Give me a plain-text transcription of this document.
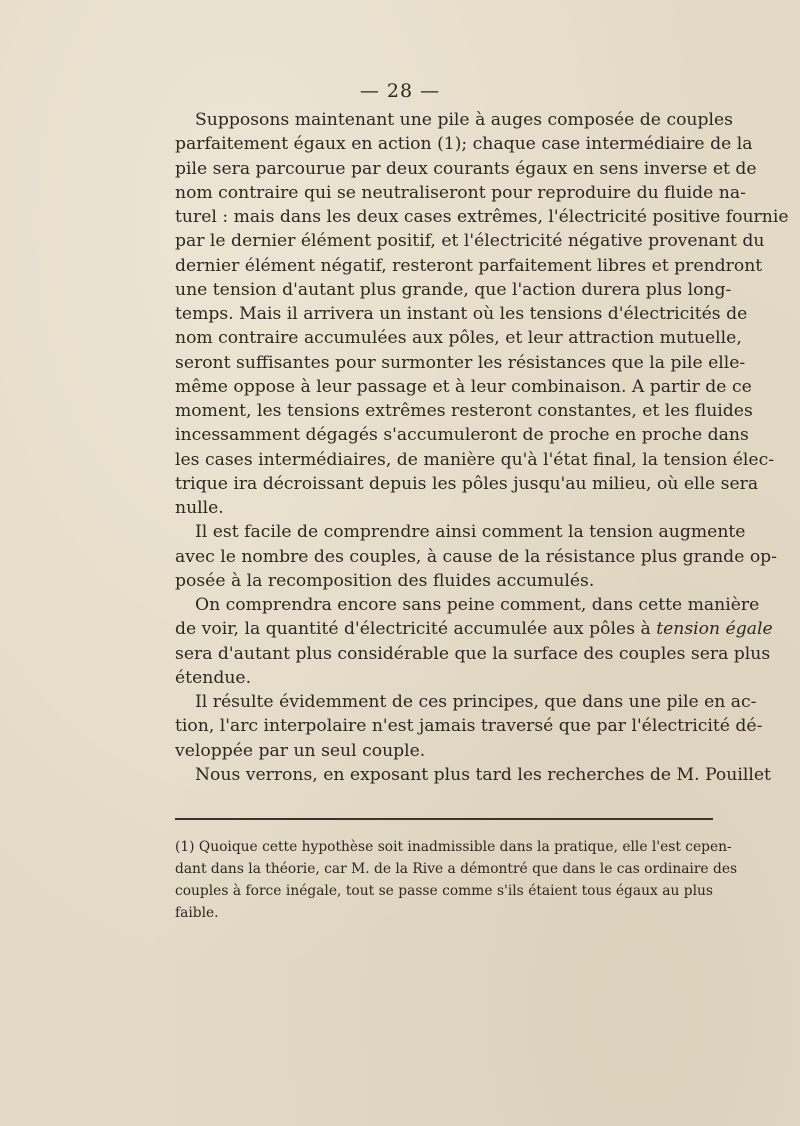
— 28 —
Supposons maintenant une pile à auges composée de couples
parfaitement égaux en action (1); chaque case intermédiaire de la
pile sera parcourue par deux courants égaux en sens inverse et de
nom contraire qui se neutraliseront pour reproduire du fluide na-
turel : mais dans les deux cases extrêmes, l'électricité positive fournie
par le dernier élément positif, et l'électricité négative provenant du
dernier élément négatif, resteront parfaitement libres et prendront
une tension d'autant plus grande, que l'action durera plus long-
temps. Mais il arrivera un instant où les tensions d'électricités de
nom contraire accumulées aux pôles, et leur attraction mutuelle,
seront suffisantes pour surmonter les résistances que la pile elle-
même oppose à leur passage et à leur combinaison. A partir de ce
moment, les tensions extrêmes resteront constantes, et les fluides
incessamment dégagés s'accumuleront de proche en proche dans
les cases intermédiaires, de manière qu'à l'état final, la tension élec-
trique ira décroissant depuis les pôles jusqu'au milieu, où elle sera
nulle.
Il est facile de comprendre ainsi comment la tension augmente
avec le nombre des couples, à cause de la résistance plus grande op-
posée à la recomposition des fluides accumulés.
On comprendra encore sans peine comment, dans cette manière
de voir, la quantité d'électricité accumulée aux pôles à tension égale
sera d'autant plus considérable que la surface des couples sera plus
étendue.
Il résulte évidemment de ces principes, que dans une pile en ac-
tion, l'arc interpolaire n'est jamais traversé que par l'électricité dé-
veloppée par un seul couple.
Nous verrons, en exposant plus tard les recherches de M. Pouillet
(1) Quoique cette hypothèse soit inadmissible dans la pratique, elle l'est cepen-
dant dans la théorie, car M. de la Rive a démontré que dans le cas ordinaire des
couples à force inégale, tout se passe comme s'ils étaient tous égaux au plus
faible.
